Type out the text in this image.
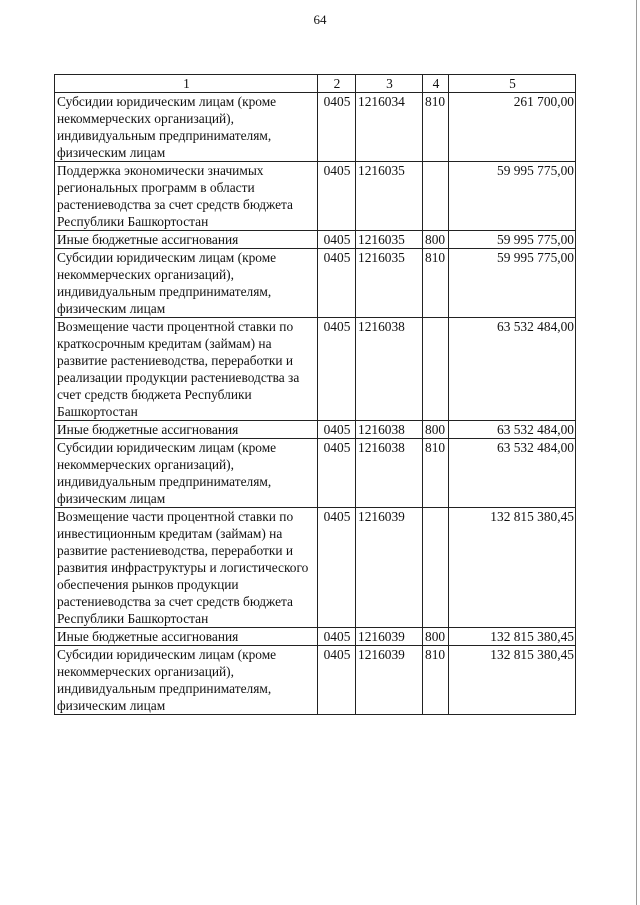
64
1	2	3	4	5
Субсидии юридическим лицам (кроме некоммерческих организаций), индивидуальным предпринимателям, физическим лицам	0405	1216034	810	261 700,00
Поддержка экономически значимых региональных программ в области растениеводства за счет средств бюджета Республики Башкортостан	0405	1216035		59 995 775,00
Иные бюджетные ассигнования	0405	1216035	800	59 995 775,00
Субсидии юридическим лицам (кроме некоммерческих организаций), индивидуальным предпринимателям, физическим лицам	0405	1216035	810	59 995 775,00
Возмещение части процентной ставки по краткосрочным кредитам (займам) на развитие растениеводства, переработки и реализации продукции растениеводства за счет средств бюджета Республики Башкортостан	0405	1216038		63 532 484,00
Иные бюджетные ассигнования	0405	1216038	800	63 532 484,00
Субсидии юридическим лицам (кроме некоммерческих организаций), индивидуальным предпринимателям, физическим лицам	0405	1216038	810	63 532 484,00
Возмещение части процентной ставки по инвестиционным кредитам (займам) на развитие растениеводства, переработки и развития инфраструктуры и логистического обеспечения рынков продукции растениеводства за счет средств бюджета Республики Башкортостан	0405	1216039		132 815 380,45
Иные бюджетные ассигнования	0405	1216039	800	132 815 380,45
Субсидии юридическим лицам (кроме некоммерческих организаций), индивидуальным предпринимателям, физическим лицам	0405	1216039	810	132 815 380,45
